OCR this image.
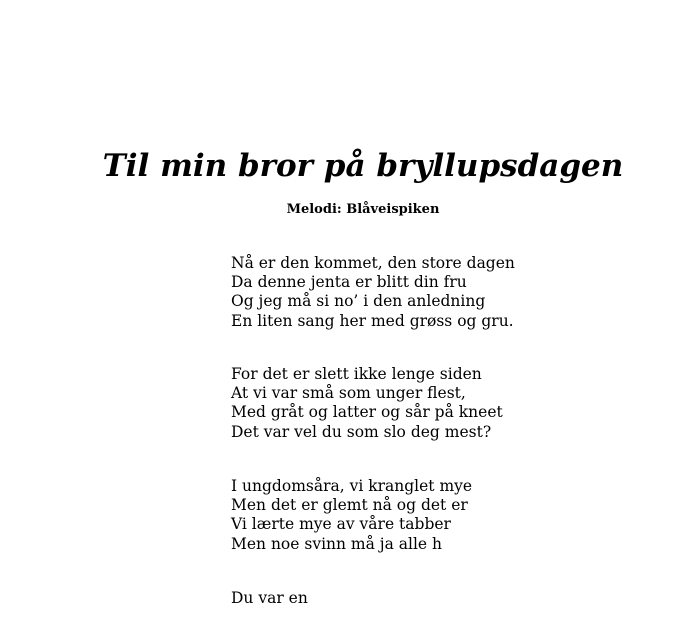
Til min bror på bryllupsdagen

Melodi: Blåveispiken

Nå er den kommet, den store dagen
Da denne jenta er blitt din fru
Og jeg må si no’ i den anledning
En liten sang her med grøss og gru.
For det er slett ikke lenge siden
At vi var små som unger flest,
Med gråt og latter og sår på kneet
Det var vel du som slo deg mest?
I ungdomsåra, vi kranglet mye
Men det er glemt nå og det er
Vi lærte mye av våre tabber
Men noe svinn må ja alle h
Du var en
